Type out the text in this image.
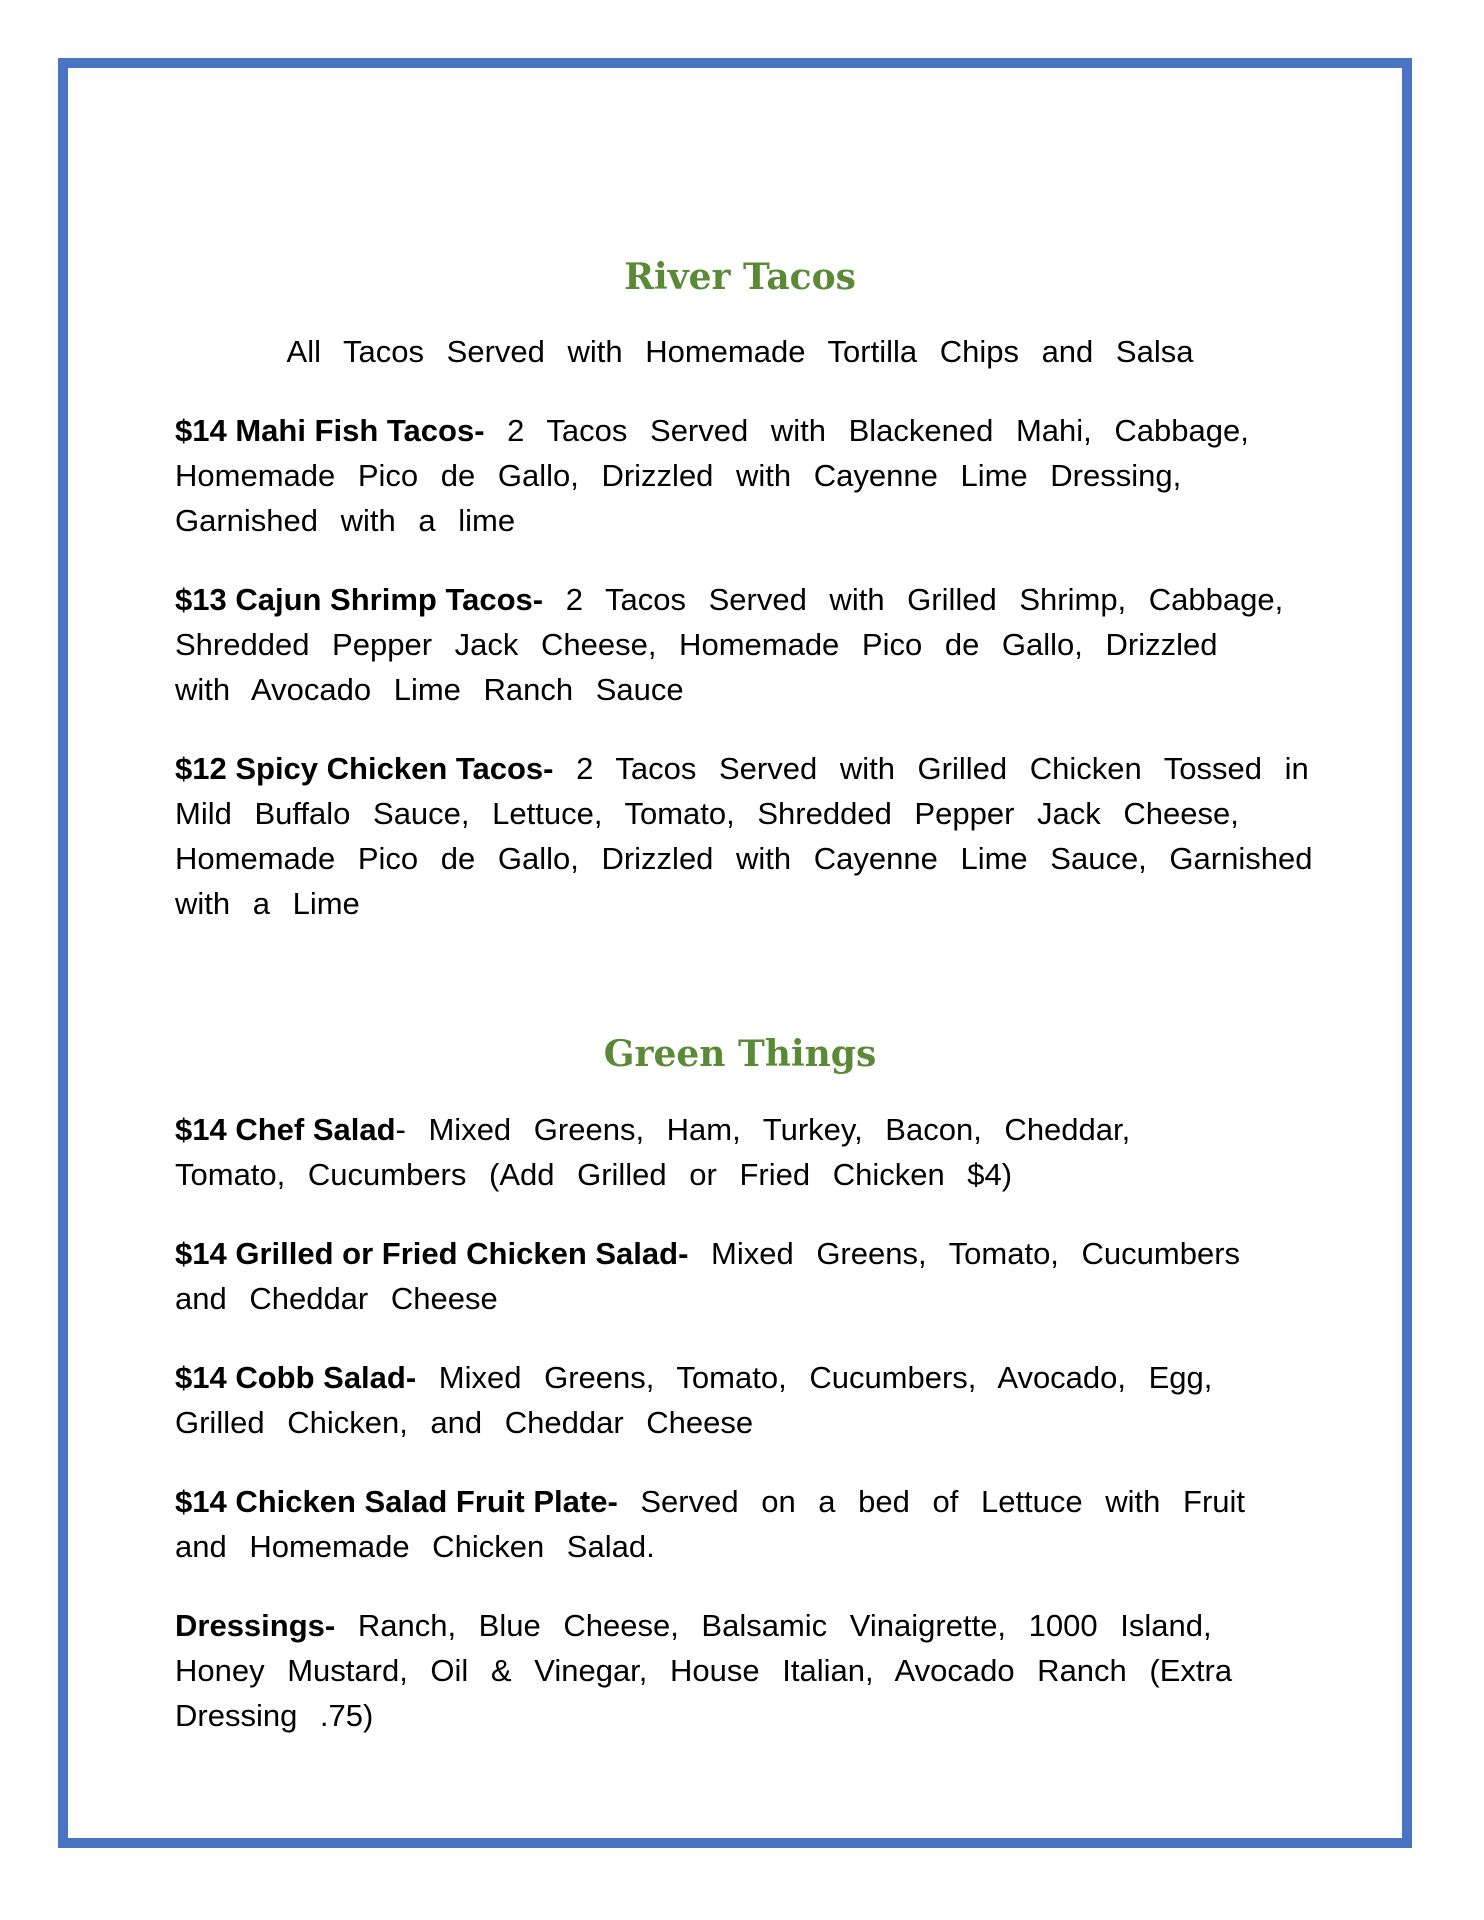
River Tacos

All Tacos Served with Homemade Tortilla Chips and Salsa

$14 Mahi Fish Tacos- 2 Tacos Served with Blackened Mahi, Cabbage, Homemade Pico de Gallo, Drizzled with Cayenne Lime Dressing, Garnished with a lime

$13 Cajun Shrimp Tacos- 2 Tacos Served with Grilled Shrimp, Cabbage, Shredded Pepper Jack Cheese, Homemade Pico de Gallo, Drizzled with Avocado Lime Ranch Sauce

$12 Spicy Chicken Tacos- 2 Tacos Served with Grilled Chicken Tossed in Mild Buffalo Sauce, Lettuce, Tomato, Shredded Pepper Jack Cheese, Homemade Pico de Gallo, Drizzled with Cayenne Lime Sauce, Garnished with a Lime

Green Things

$14 Chef Salad- Mixed Greens, Ham, Turkey, Bacon, Cheddar, Tomato, Cucumbers (Add Grilled or Fried Chicken $4)

$14 Grilled or Fried Chicken Salad- Mixed Greens, Tomato, Cucumbers and Cheddar Cheese

$14 Cobb Salad- Mixed Greens, Tomato, Cucumbers, Avocado, Egg, Grilled Chicken, and Cheddar Cheese

$14 Chicken Salad Fruit Plate- Served on a bed of Lettuce with Fruit and Homemade Chicken Salad.

Dressings- Ranch, Blue Cheese, Balsamic Vinaigrette, 1000 Island, Honey Mustard, Oil & Vinegar, House Italian, Avocado Ranch (Extra Dressing .75)
